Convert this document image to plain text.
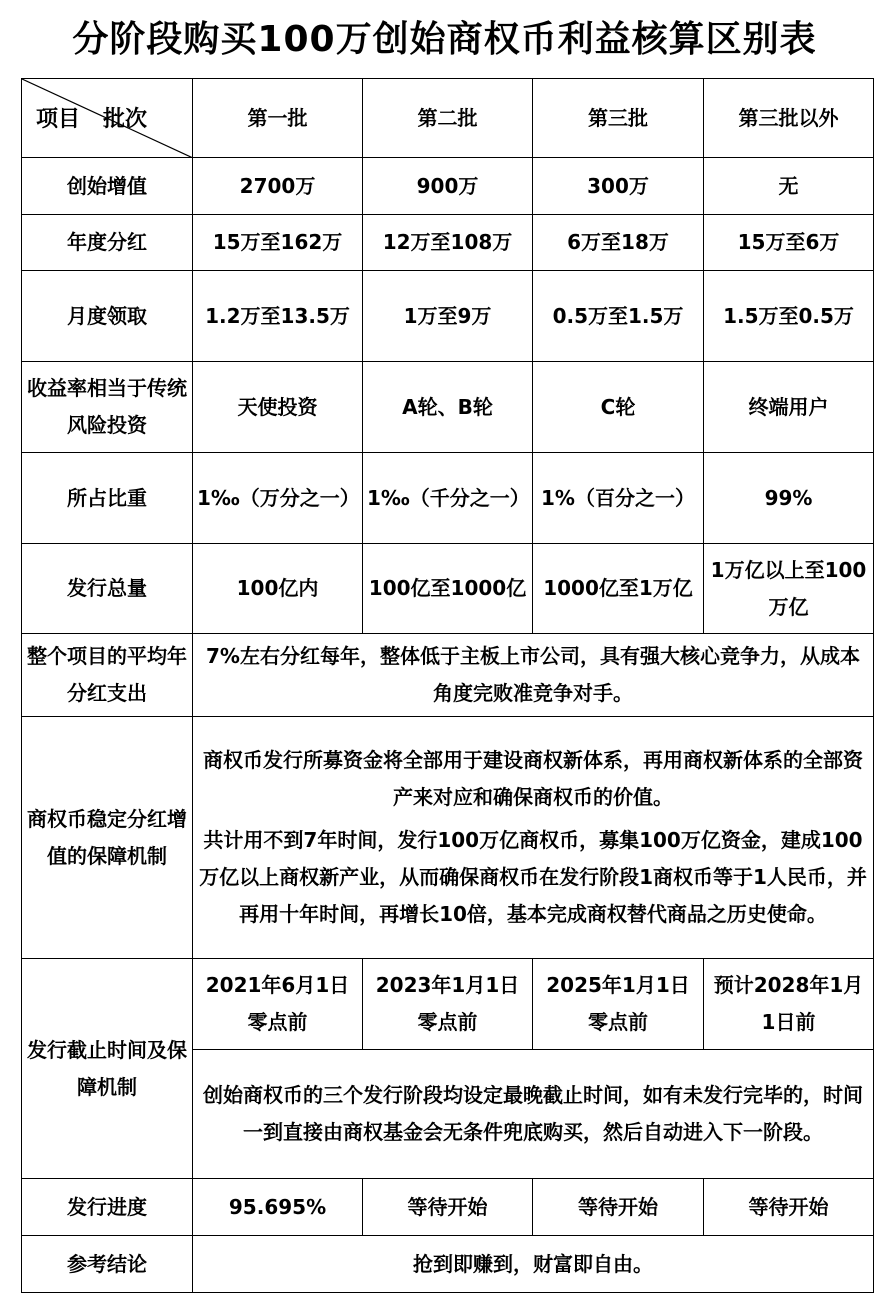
分阶段购买100万创始商权币利益核算区别表
项目 批次	第一批	第二批	第三批	第三批以外
创始增值	2700万	900万	300万	无
年度分红	15万至162万	12万至108万	6万至18万	15万至6万
月度领取	1.2万至13.5万	1万至9万	0.5万至1.5万	1.5万至0.5万
收益率相当于传统风险投资	天使投资	A轮、B轮	C轮	终端用户
所占比重	1‰（万分之一）	1‰（千分之一）	1%（百分之一）	99%
发行总量	100亿内	100亿至1000亿	1000亿至1万亿	1万亿以上至100万亿
整个项目的平均年分红支出	7%左右分红每年，整体低于主板上市公司，具有强大核心竞争力，从成本角度完败准竞争对手。			
商权币稳定分红增值的保障机制	商权币发行所募资金将全部用于建设商权新体系，再用商权新体系的全部资产来对应和确保商权币的价值。

共计用不到7年时间，发行100万亿商权币，募集100万亿资金，建成100万亿以上商权新产业，从而确保商权币在发行阶段1商权币等于1人民币，并再用十年时间，再增长10倍，基本完成商权替代商品之历史使命。			

发行截止时间及保障机制	2021年6月1日零点前	2023年1月1日零点前	2025年1月1日零点前	预计2028年1月1日前
	创始商权币的三个发行阶段均设定最晚截止时间，如有未发行完毕的，时间一到直接由商权基金会无条件兜底购买，然后自动进入下一阶段。			
发行进度	95.695%	等待开始	等待开始	等待开始
参考结论	抢到即赚到，财富即自由。			
